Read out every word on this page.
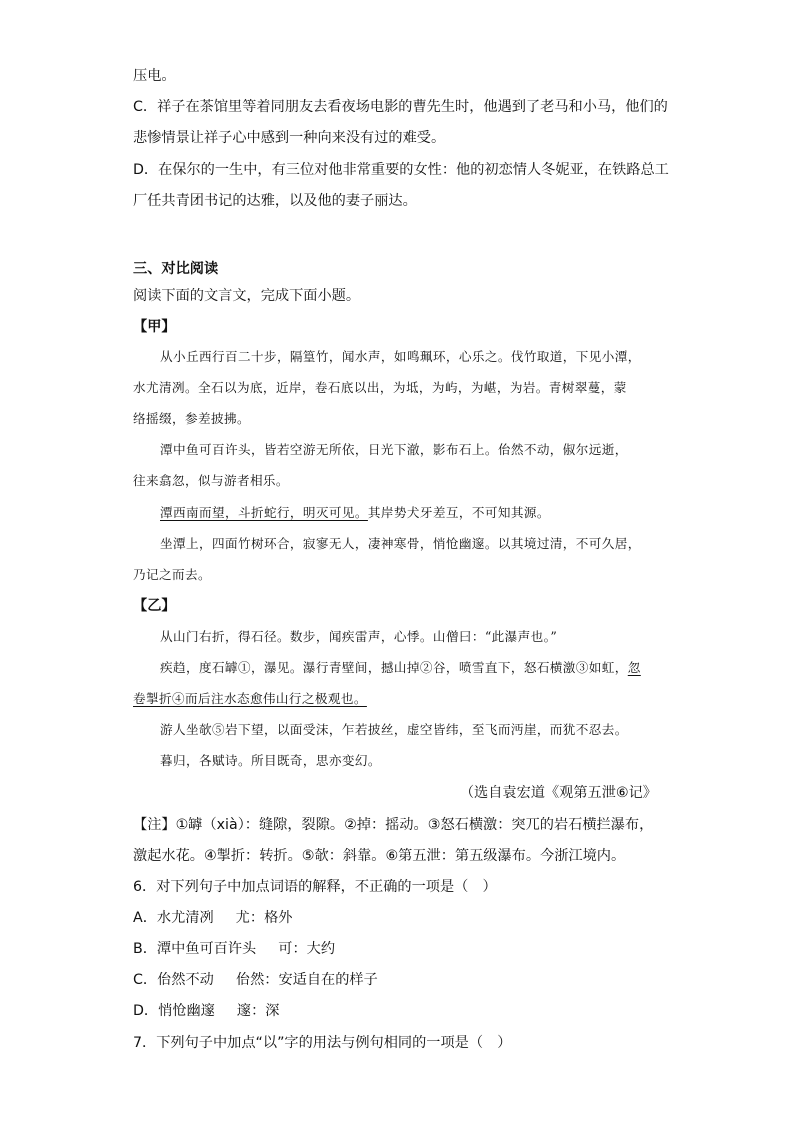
压电。
C．祥子在茶馆里等着同朋友去看夜场电影的曹先生时，他遇到了老马和小马，他们的
悲惨情景让祥子心中感到一种向来没有过的难受。
D．在保尔的一生中，有三位对他非常重要的女性：他的初恋情人冬妮亚，在铁路总工
厂任共青团书记的达雅，以及他的妻子丽达。
三、对比阅读
阅读下面的文言文，完成下面小题。
【甲】
从小丘西行百二十步，隔篁竹，闻水声，如鸣珮环，心乐之。伐竹取道，下见小潭，
水尤清冽。全石以为底，近岸，卷石底以出，为坻，为屿，为嵁，为岩。青树翠蔓，蒙
络摇缀，参差披拂。
潭中鱼可百许头，皆若空游无所依，日光下澈，影布石上。佁然不动，俶尔远逝，
往来翕忽，似与游者相乐。
潭西南而望，斗折蛇行，明灭可见。其岸势犬牙差互，不可知其源。
坐潭上，四面竹树环合，寂寥无人，凄神寒骨，悄怆幽邃。以其境过清，不可久居，
乃记之而去。
【乙】
从山门右折，得石径。数步，闻疾雷声，心悸。山僧曰：“此瀑声也。”
疾趋，度石罅①，瀑见。瀑行青壁间，撼山掉②谷，喷雪直下，怒石横激③如虹，忽
卷掣折④而后注水态愈伟山行之极观也。
游人坐欹⑤岩下望，以面受沫，乍若披丝，虚空皆纬，至飞而沔崖，而犹不忍去。
暮归，各赋诗。所目既奇，思亦变幻。
（选自袁宏道《观第五泄⑥记》
【注】①罅（xià）：缝隙，裂隙。②掉：摇动。③怒石横激：突兀的岩石横拦瀑布，
激起水花。④掣折：转折。⑤欹：斜靠。⑥第五泄：第五级瀑布。今浙江境内。
6．对下列句子中加点词语的解释，不正确的一项是（　）
A．水尤清冽 尤：格外
B．潭中鱼可百许头 可：大约
C．佁然不动 佁然：安适自在的样子
D．悄怆幽邃 邃：深
7．下列句子中加点“以”字的用法与例句相同的一项是（　）
